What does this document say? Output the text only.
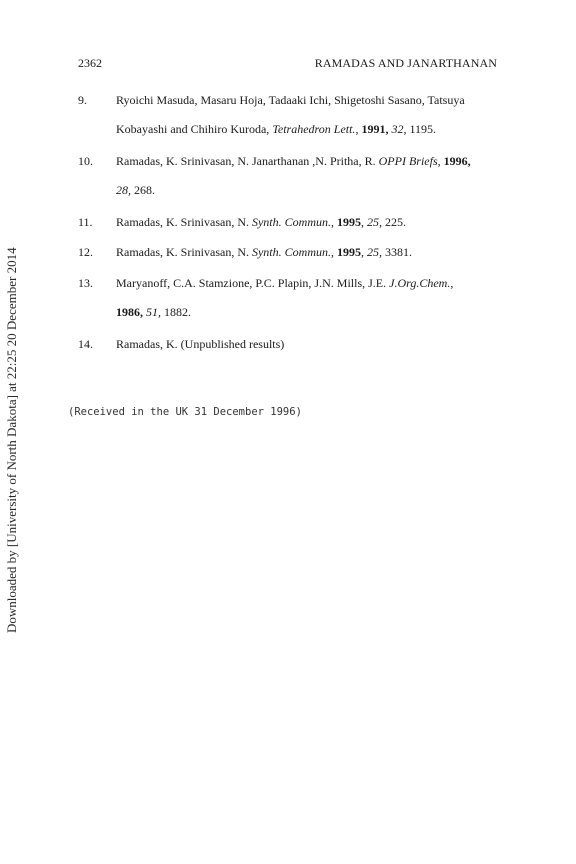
2362	RAMADAS AND JANARTHANAN
Downloaded by [University of North Dakota] at 22:25 20 December 2014
9.	Ryoichi Masuda, Masaru Hoja, Tadaaki Ichi, Shigetoshi Sasano, Tatsuya
Kobayashi and Chihiro Kuroda, Tetrahedron Lett., 1991, 32, 1195.
10.	Ramadas, K. Srinivasan, N. Janarthanan ,N. Pritha, R. OPPI Briefs, 1996,
28, 268.
11.	Ramadas, K. Srinivasan, N. Synth. Commun., 1995, 25, 225.
12.	Ramadas, K. Srinivasan, N. Synth. Commun., 1995, 25, 3381.
13.	Maryanoff, C.A. Stamzione, P.C. Plapin, J.N. Mills, J.E. J.Org.Chem.,
1986, 51, 1882.
14.	Ramadas, K. (Unpublished results)
(Received in the UK 31 December 1996)
